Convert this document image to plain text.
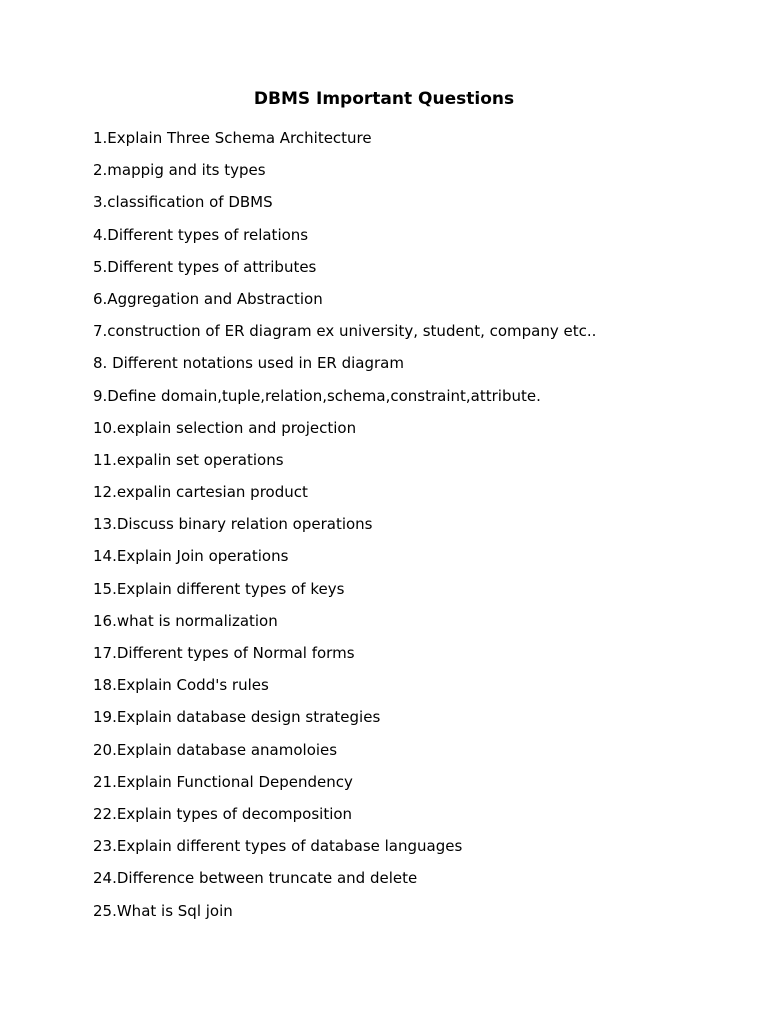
DBMS Important Questions
1.Explain Three Schema Architecture
2.mappig and its types
3.classification of DBMS
4.Different types of relations
5.Different types of attributes
6.Aggregation and Abstraction
7.construction of ER diagram ex university, student, company etc..
8. Different notations used in ER diagram
9.Define domain,tuple,relation,schema,constraint,attribute.
10.explain selection and projection
11.expalin set operations
12.expalin cartesian product
13.Discuss binary relation operations
14.Explain Join operations
15.Explain different types of keys
16.what is normalization
17.Different types of Normal forms
18.Explain Codd's rules
19.Explain database design strategies
20.Explain database anamoloies
21.Explain Functional Dependency
22.Explain types of decomposition
23.Explain different types of database languages
24.Difference between truncate and delete
25.What is Sql join
